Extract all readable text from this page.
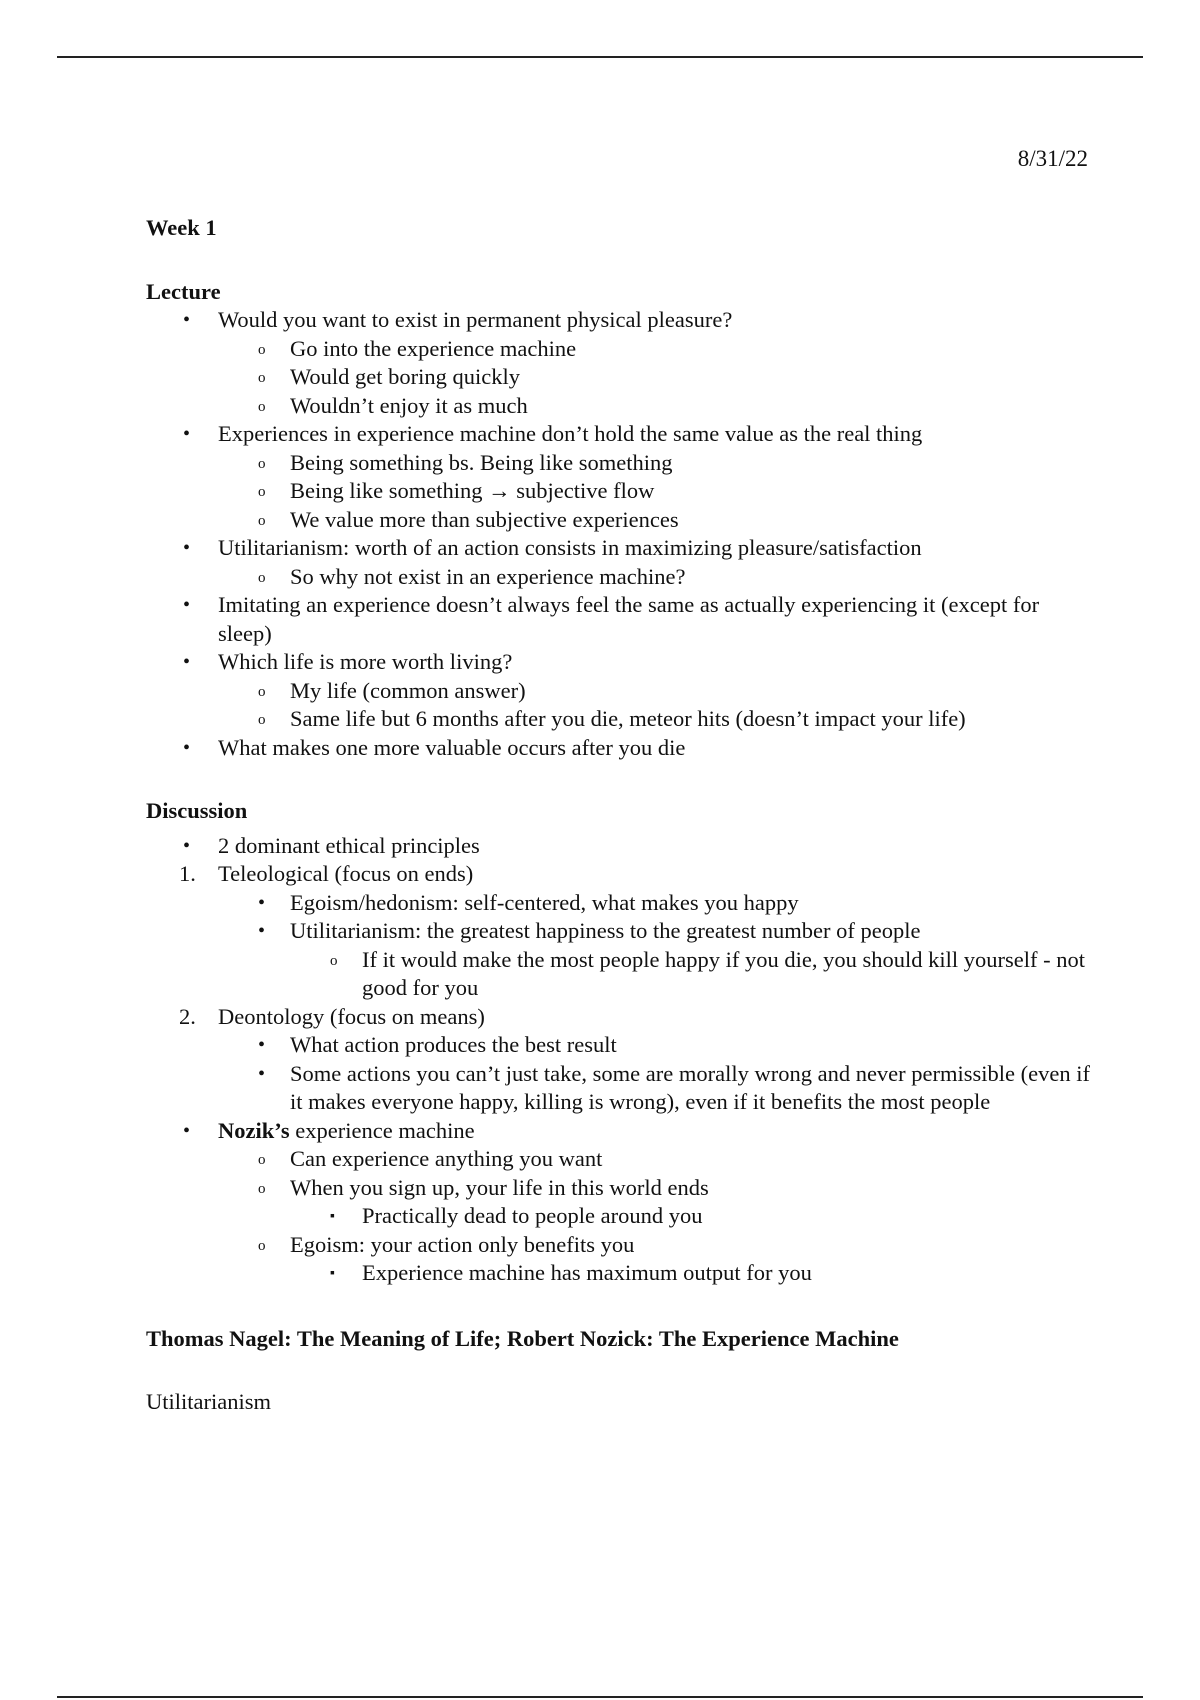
8/31/22

Week 1

Lecture

• Would you want to exist in permanent physical pleasure?
o Go into the experience machine
o Would get boring quickly
o Wouldn’t enjoy it as much
• Experiences in experience machine don’t hold the same value as the real thing
o Being something bs. Being like something
o Being like something → subjective flow
o We value more than subjective experiences
• Utilitarianism: worth of an action consists in maximizing pleasure/satisfaction
o So why not exist in an experience machine?
• Imitating an experience doesn’t always feel the same as actually experiencing it (except for sleep)
• Which life is more worth living?
o My life (common answer)
o Same life but 6 months after you die, meteor hits (doesn’t impact your life)
• What makes one more valuable occurs after you die

Discussion

• 2 dominant ethical principles
1. Teleological (focus on ends)
• Egoism/hedonism: self-centered, what makes you happy
• Utilitarianism: the greatest happiness to the greatest number of people
o If it would make the most people happy if you die, you should kill yourself - not good for you
2. Deontology (focus on means)
• What action produces the best result
• Some actions you can’t just take, some are morally wrong and never permissible (even if it makes everyone happy, killing is wrong), even if it benefits the most people
• Nozik’s experience machine
o Can experience anything you want
o When you sign up, your life in this world ends
▪ Practically dead to people around you
o Egoism: your action only benefits you
▪ Experience machine has maximum output for you

Thomas Nagel: The Meaning of Life; Robert Nozick: The Experience Machine

Utilitarianism
